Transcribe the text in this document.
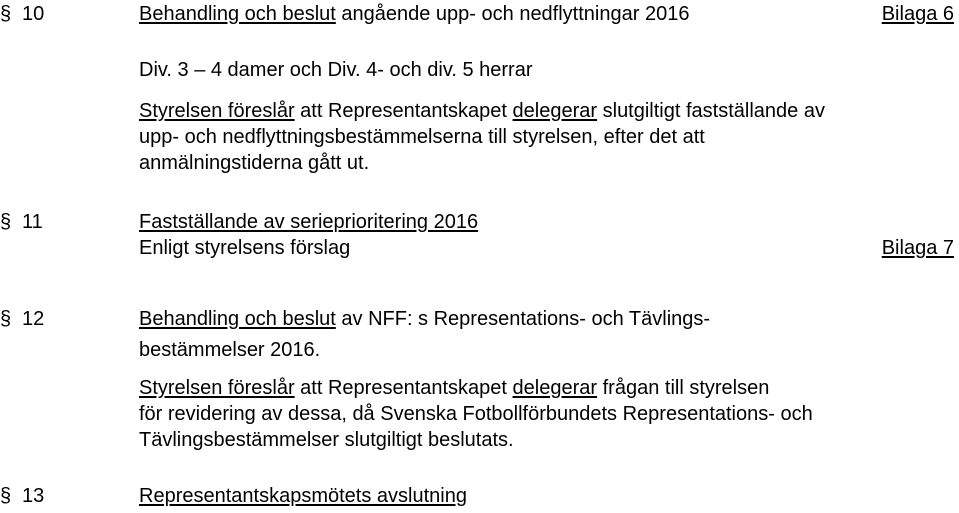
§ 10	Behandling och beslut angående upp- och nedflyttningar 2016	Bilaga 6
Div. 3 – 4 damer och Div. 4- och div. 5 herrar
Styrelsen föreslår att Representantskapet delegerar slutgiltigt fastställande av
upp- och nedflyttningsbestämmelserna till styrelsen, efter det att
anmälningstiderna gått ut.
§ 11	Fastställande av serieprioritering 2016
Enligt styrelsens förslag	Bilaga 7
§ 12	Behandling och beslut av NFF: s Representations- och Tävlings-
bestämmelser 2016.
Styrelsen föreslår att Representantskapet delegerar frågan till styrelsen
för revidering av dessa, då Svenska Fotbollförbundets Representations- och
Tävlingsbestämmelser slutgiltigt beslutats.
§ 13	Representantskapsmötets avslutning
